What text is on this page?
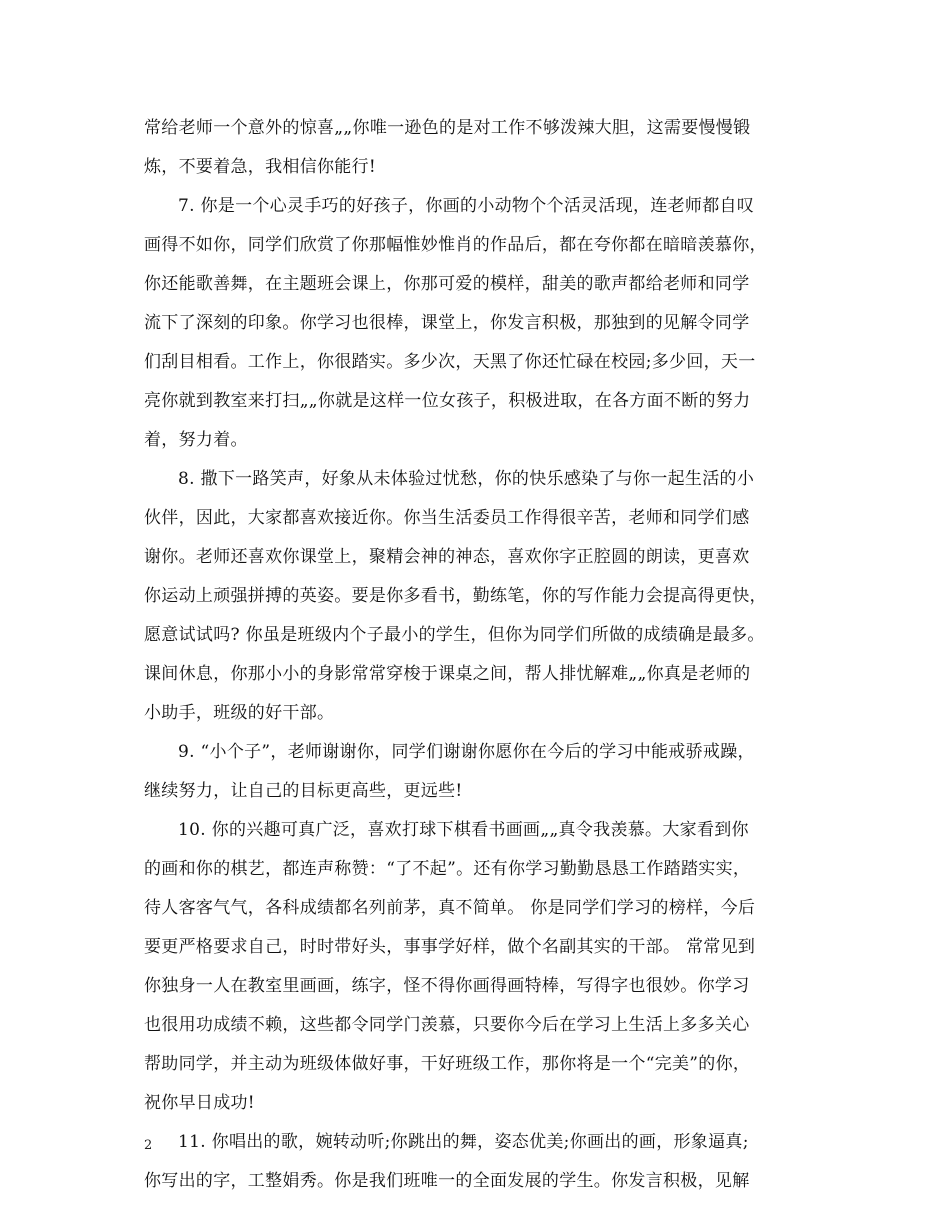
常给老师一个意外的惊喜„„你唯一逊色的是对工作不够泼辣大胆，这需要慢慢锻
炼，不要着急，我相信你能行!
7. 你是一个心灵手巧的好孩子，你画的小动物个个活灵活现，连老师都自叹
画得不如你，同学们欣赏了你那幅惟妙惟肖的作品后，都在夸你都在暗暗羡慕你，
你还能歌善舞，在主题班会课上，你那可爱的模样，甜美的歌声都给老师和同学
流下了深刻的印象。你学习也很棒，课堂上，你发言积极，那独到的见解令同学
们刮目相看。工作上，你很踏实。多少次，天黑了你还忙碌在校园;多少回，天一
亮你就到教室来打扫„„你就是这样一位女孩子，积极进取，在各方面不断的努力
着，努力着。
8. 撒下一路笑声，好象从未体验过忧愁，你的快乐感染了与你一起生活的小
伙伴，因此，大家都喜欢接近你。你当生活委员工作得很辛苦，老师和同学们感
谢你。老师还喜欢你课堂上，聚精会神的神态，喜欢你字正腔圆的朗读，更喜欢
你运动上顽强拼搏的英姿。要是你多看书，勤练笔，你的写作能力会提高得更快，
愿意试试吗? 你虽是班级内个子最小的学生，但你为同学们所做的成绩确是最多。
课间休息，你那小小的身影常常穿梭于课桌之间，帮人排忧解难„„你真是老师的
小助手，班级的好干部。
9. “小个子”，老师谢谢你，同学们谢谢你愿你在今后的学习中能戒骄戒躁，
继续努力，让自己的目标更高些，更远些!
10. 你的兴趣可真广泛，喜欢打球下棋看书画画„„真令我羡慕。大家看到你
的画和你的棋艺，都连声称赞：“了不起”。还有你学习勤勤恳恳工作踏踏实实，
待人客客气气，各科成绩都名列前茅，真不简单。 你是同学们学习的榜样，今后
要更严格要求自己，时时带好头，事事学好样，做个名副其实的干部。 常常见到
你独身一人在教室里画画，练字，怪不得你画得画特棒，写得字也很妙。你学习
也很用功成绩不赖，这些都令同学门羡慕，只要你今后在学习上生活上多多关心
帮助同学，并主动为班级体做好事，干好班级工作，那你将是一个“完美”的你，
祝你早日成功!
11. 你唱出的歌，婉转动听;你跳出的舞，姿态优美;你画出的画，形象逼真;
你写出的字，工整娟秀。你是我们班唯一的全面发展的学生。你发言积极，见解
2
